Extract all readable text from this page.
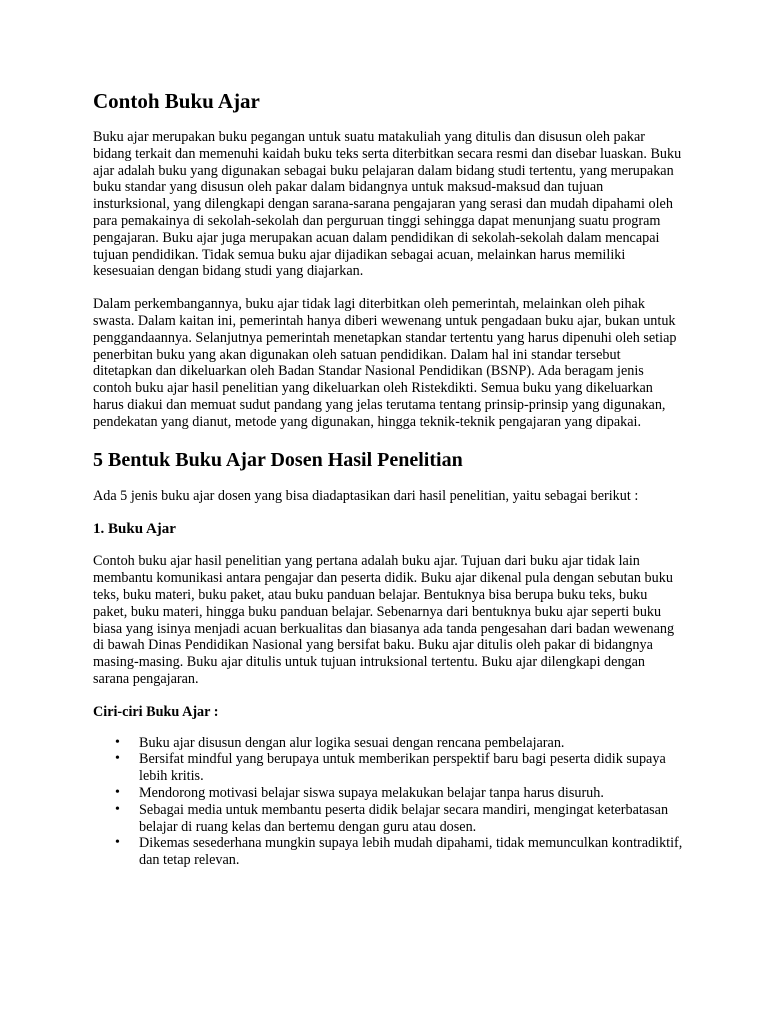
Contoh Buku Ajar

Buku ajar merupakan buku pegangan untuk suatu matakuliah yang ditulis dan disusun oleh pakar bidang terkait dan memenuhi kaidah buku teks serta diterbitkan secara resmi dan disebar luaskan. Buku ajar adalah buku yang digunakan sebagai buku pelajaran dalam bidang studi tertentu, yang merupakan buku standar yang disusun oleh pakar dalam bidangnya untuk maksud-maksud dan tujuan insturksional, yang dilengkapi dengan sarana-sarana pengajaran yang serasi dan mudah dipahami oleh para pemakainya di sekolah-sekolah dan perguruan tinggi sehingga dapat menunjang suatu program pengajaran. Buku ajar juga merupakan acuan dalam pendidikan di sekolah-sekolah dalam mencapai tujuan pendidikan. Tidak semua buku ajar dijadikan sebagai acuan, melainkan harus memiliki kesesuaian dengan bidang studi yang diajarkan.

Dalam perkembangannya, buku ajar tidak lagi diterbitkan oleh pemerintah, melainkan oleh pihak swasta. Dalam kaitan ini, pemerintah hanya diberi wewenang untuk pengadaan buku ajar, bukan untuk penggandaannya. Selanjutnya pemerintah menetapkan standar tertentu yang harus dipenuhi oleh setiap penerbitan buku yang akan digunakan oleh satuan pendidikan. Dalam hal ini standar tersebut ditetapkan dan dikeluarkan oleh Badan Standar Nasional Pendidikan (BSNP). Ada beragam jenis contoh buku ajar hasil penelitian yang dikeluarkan oleh Ristekdikti. Semua buku yang dikeluarkan harus diakui dan memuat sudut pandang yang jelas terutama tentang prinsip-prinsip yang digunakan, pendekatan yang dianut, metode yang digunakan, hingga teknik-teknik pengajaran yang dipakai.

5 Bentuk Buku Ajar Dosen Hasil Penelitian

Ada 5 jenis buku ajar dosen yang bisa diadaptasikan dari hasil penelitian, yaitu sebagai berikut :

1. Buku Ajar

Contoh buku ajar hasil penelitian yang pertana adalah buku ajar. Tujuan dari buku ajar tidak lain membantu komunikasi antara pengajar dan peserta didik. Buku ajar dikenal pula dengan sebutan buku teks, buku materi, buku paket, atau buku panduan belajar. Bentuknya bisa berupa buku teks, buku paket, buku materi, hingga buku panduan belajar. Sebenarnya dari bentuknya buku ajar seperti buku biasa yang isinya menjadi acuan berkualitas dan biasanya ada tanda pengesahan dari badan wewenang di bawah Dinas Pendidikan Nasional yang bersifat baku. Buku ajar ditulis oleh pakar di bidangnya masing-masing. Buku ajar ditulis untuk tujuan intruksional tertentu. Buku ajar dilengkapi dengan sarana pengajaran.

Ciri-ciri Buku Ajar :

• Buku ajar disusun dengan alur logika sesuai dengan rencana pembelajaran.
• Bersifat mindful yang berupaya untuk memberikan perspektif baru bagi peserta didik supaya lebih kritis.
• Mendorong motivasi belajar siswa supaya melakukan belajar tanpa harus disuruh.
• Sebagai media untuk membantu peserta didik belajar secara mandiri, mengingat keterbatasan belajar di ruang kelas dan bertemu dengan guru atau dosen.
• Dikemas sesederhana mungkin supaya lebih mudah dipahami, tidak memunculkan kontradiktif, dan tetap relevan.
